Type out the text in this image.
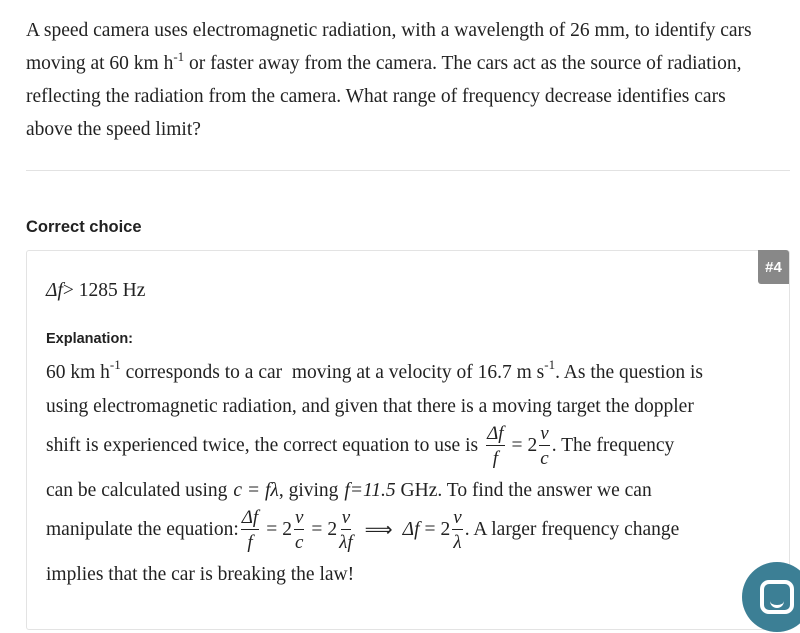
A speed camera uses electromagnetic radiation, with a wavelength of 26 mm, to identify cars moving at 60 km $h^{-1}$ or faster away from the camera. The cars act as the source of radiation, reflecting the radiation from the camera. What range of frequency decrease identifies cars above the speed limit?
Correct choice
#4
Δf> 1285 Hz
Explanation:
60 km $h^{-1}$ corresponds to a car  moving at a velocity of 16.7 m $s^{-1}$ . As the question is
using electromagnetic radiation, and given that there is a moving target the doppler
shift is experienced twice, the correct equation to use is $\frac{\Delta f}{f} = 2 \frac{v}{c}$ . The frequency
can be calculated using c = fλ , giving f=11.5 GHz. To find the answer we can
manipulate the equation: $\frac{\Delta f}{f} = 2 \frac{v}{c} = 2 \frac{v}{\lambda f}$ ⟹ $\Delta f = 2 \frac{v}{\lambda}$ . A larger frequency change
implies that the car is breaking the law!
